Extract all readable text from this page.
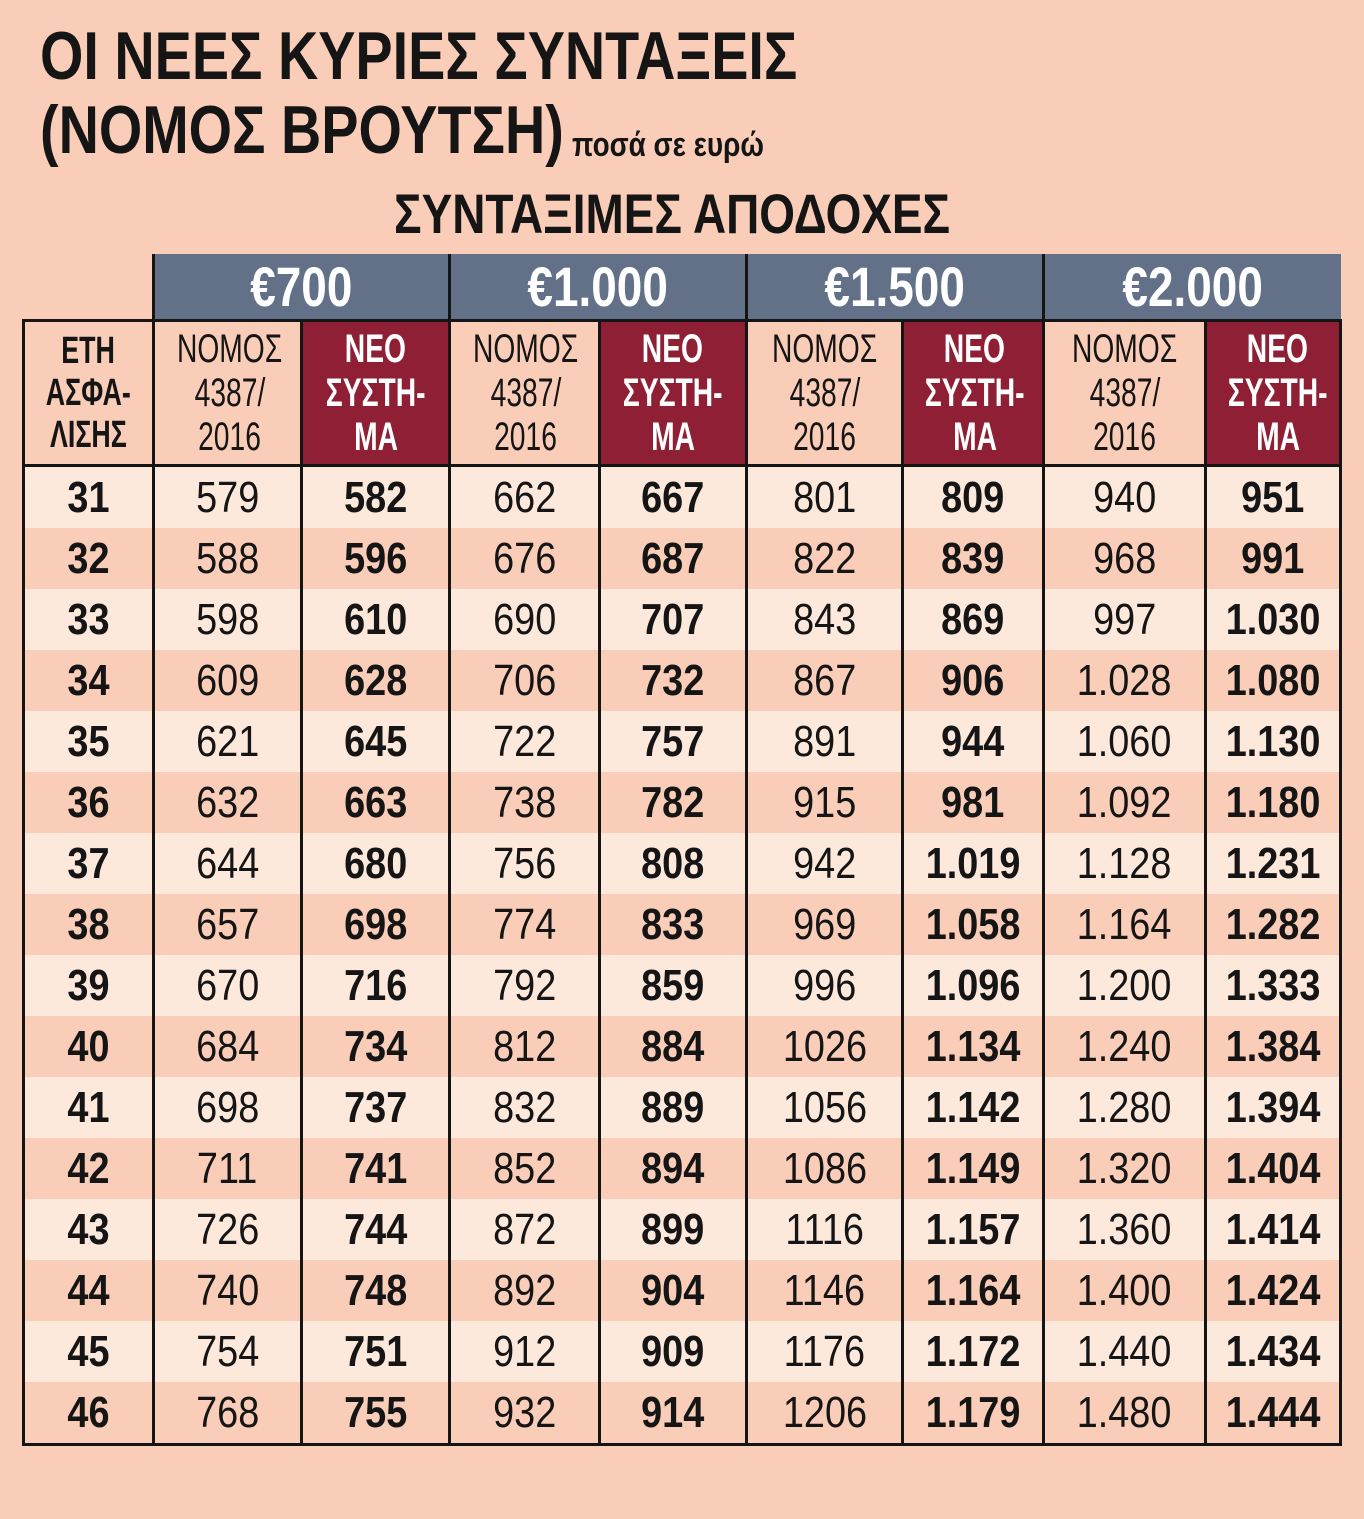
ΟΙ ΝΕΕΣ ΚΥΡΙΕΣ ΣΥΝΤΑΞΕΙΣ
(ΝΟΜΟΣ ΒΡΟΥΤΣΗ) ποσά σε ευρώ
ΣΥΝΤΑΞΙΜΕΣ ΑΠΟΔΟΧΕΣ
	€700		€1.000		€1.500		€2.000	
ΕΤΗ
ΑΣΦΑ-
ΛΙΣΗΣ	ΝΟΜΟΣ
4387/
2016	ΝΕΟ
ΣΥΣΤΗ-
ΜΑ	ΝΟΜΟΣ
4387/
2016	ΝΕΟ
ΣΥΣΤΗ-
ΜΑ	ΝΟΜΟΣ
4387/
2016	ΝΕΟ
ΣΥΣΤΗ-
ΜΑ	ΝΟΜΟΣ
4387/
2016	ΝΕΟ
ΣΥΣΤΗ-
ΜΑ
31	579	582	662	667	801	809	940	951
32	588	596	676	687	822	839	968	991
33	598	610	690	707	843	869	997	1.030
34	609	628	706	732	867	906	1.028	1.080
35	621	645	722	757	891	944	1.060	1.130
36	632	663	738	782	915	981	1.092	1.180
37	644	680	756	808	942	1.019	1.128	1.231
38	657	698	774	833	969	1.058	1.164	1.282
39	670	716	792	859	996	1.096	1.200	1.333
40	684	734	812	884	1026	1.134	1.240	1.384
41	698	737	832	889	1056	1.142	1.280	1.394
42	711	741	852	894	1086	1.149	1.320	1.404
43	726	744	872	899	1116	1.157	1.360	1.414
44	740	748	892	904	1146	1.164	1.400	1.424
45	754	751	912	909	1176	1.172	1.440	1.434
46	768	755	932	914	1206	1.179	1.480	1.444
